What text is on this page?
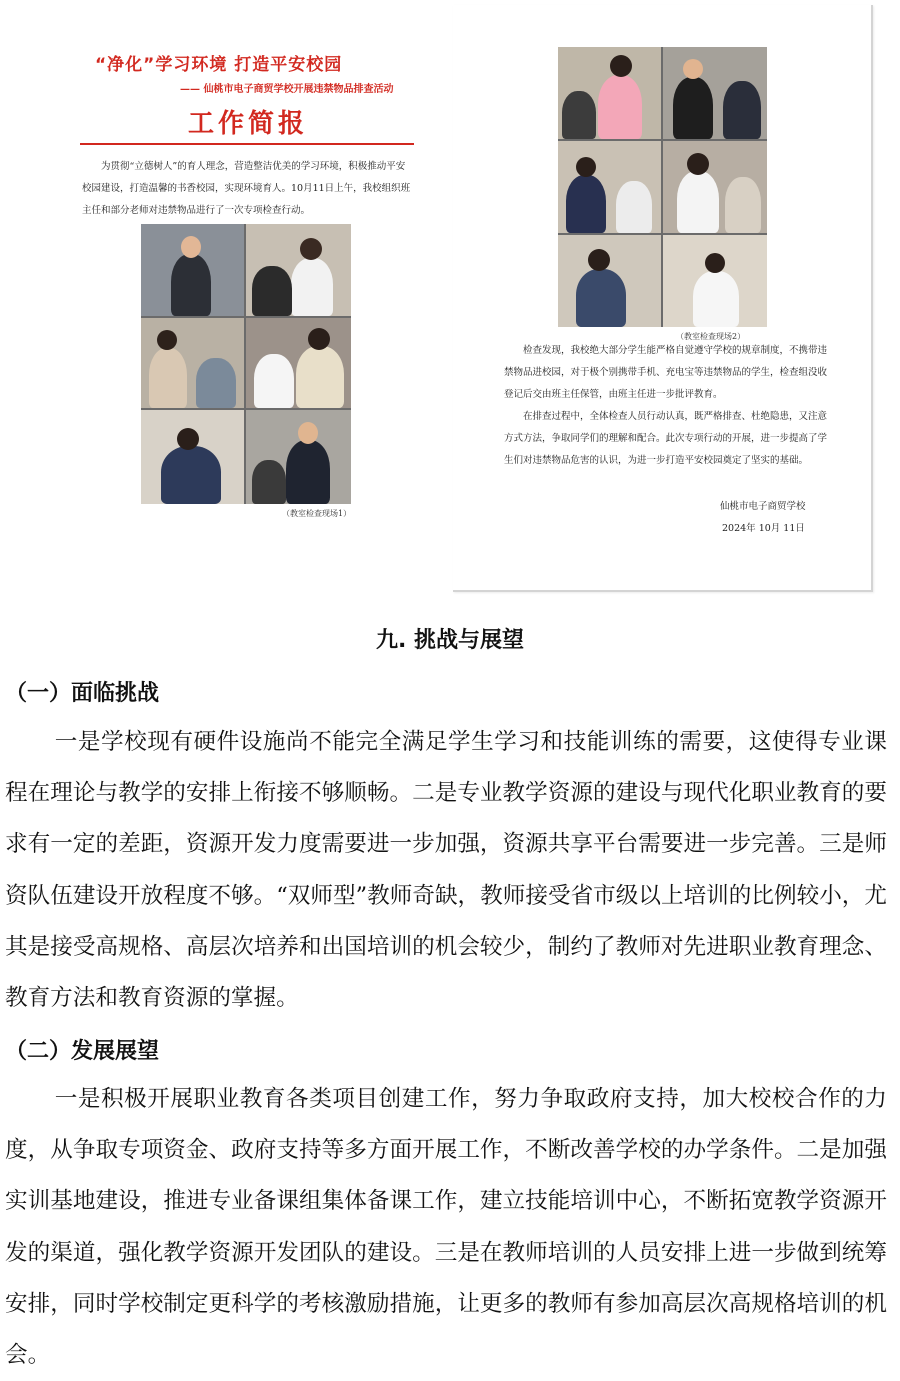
“净化”学习环境 打造平安校园
—— 仙桃市电子商贸学校开展违禁物品排查活动
工作简报

为贯彻“立德树人”的育人理念，营造整洁优美的学习环境，积极推动平安校园建设，打造温馨的书香校园，实现环境育人。10月11日上午，我校组织班主任和部分老师对违禁物品进行了一次专项检查行动。

（教室检查现场1）
（教室检查现场2）

检查发现，我校绝大部分学生能严格自觉遵守学校的规章制度，不携带违禁物品进校园，对于极个别携带手机、充电宝等违禁物品的学生，检查组没收登记后交由班主任保管，由班主任进一步批评教育。

在排查过程中，全体检查人员行动认真，既严格排查、杜绝隐患，又注意方式方法，争取同学们的理解和配合。此次专项行动的开展，进一步提高了学生们对违禁物品危害的认识，为进一步打造平安校园奠定了坚实的基础。

仙桃市电子商贸学校
2024年 10月 11日
九. 挑战与展望
（一）面临挑战
一是学校现有硬件设施尚不能完全满足学生学习和技能训练的需要，这使得专业课程在理论与教学的安排上衔接不够顺畅。二是专业教学资源的建设与现代化职业教育的要求有一定的差距，资源开发力度需要进一步加强，资源共享平台需要进一步完善。三是师资队伍建设开放程度不够。“双师型”教师奇缺，教师接受省市级以上培训的比例较小，尤其是接受高规格、高层次培养和出国培训的机会较少，制约了教师对先进职业教育理念、教育方法和教育资源的掌握。
（二）发展展望
一是积极开展职业教育各类项目创建工作，努力争取政府支持，加大校校合作的力度，从争取专项资金、政府支持等多方面开展工作，不断改善学校的办学条件。二是加强实训基地建设，推进专业备课组集体备课工作，建立技能培训中心，不断拓宽教学资源开发的渠道，强化教学资源开发团队的建设。三是在教师培训的人员安排上进一步做到统筹安排，同时学校制定更科学的考核激励措施，让更多的教师有参加高层次高规格培训的机会。
